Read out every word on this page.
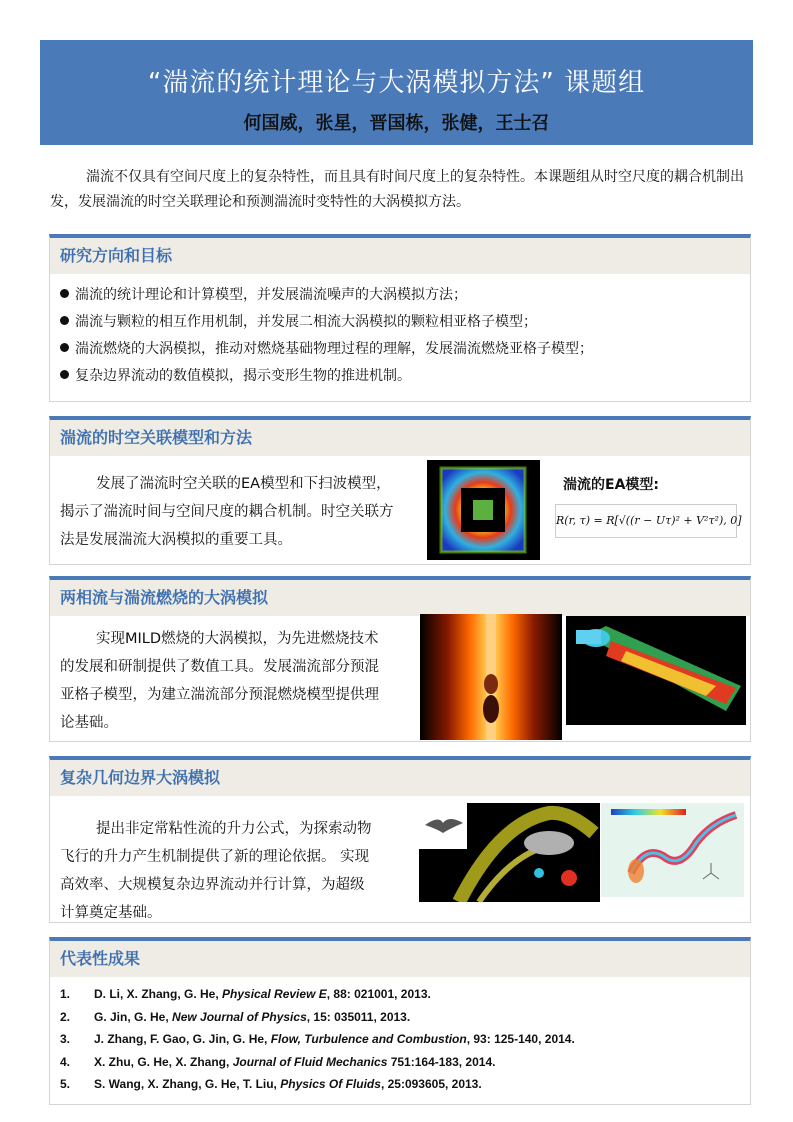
“湍流的统计理论与大涡模拟方法” 课题组
何国威，张星，晋国栋，张健，王士召
湍流不仅具有空间尺度上的复杂特性，而且具有时间尺度上的复杂特性。本课题组从时空尺度的耦合机制出发，发展湍流的时空关联理论和预测湍流时变特性的大涡模拟方法。
研究方向和目标
湍流的统计理论和计算模型，并发展湍流噪声的大涡模拟方法；
湍流与颗粒的相互作用机制，并发展二相流大涡模拟的颗粒相亚格子模型；
湍流燃烧的大涡模拟，推动对燃烧基础物理过程的理解，发展湍流燃烧亚格子模型；
复杂边界流动的数值模拟，揭示变形生物的推进机制。
湍流的时空关联模型和方法
发展了湍流时空关联的EA模型和下扫波模型，揭示了湍流时间与空间尺度的耦合机制。时空关联方法是发展湍流大涡模拟的重要工具。
湍流的EA模型:
R(r, τ) = R[√((r − Uτ)² + V²τ²), 0]
两相流与湍流燃烧的大涡模拟
实现MILD燃烧的大涡模拟，为先进燃烧技术的发展和研制提供了数值工具。发展湍流部分预混亚格子模型，为建立湍流部分预混燃烧模型提供理论基础。
复杂几何边界大涡模拟
提出非定常粘性流的升力公式，为探索动物飞行的升力产生机制提供了新的理论依据。 实现高效率、大规模复杂边界流动并行计算，为超级计算奠定基础。
代表性成果
1. D. Li, X. Zhang, G. He, Physical Review E, 88: 021001, 2013.
2. G. Jin, G. He, New Journal of Physics, 15: 035011, 2013.
3. J. Zhang, F. Gao, G. Jin, G. He, Flow, Turbulence and Combustion, 93: 125-140, 2014.
4. X. Zhu, G. He, X. Zhang, Journal of Fluid Mechanics 751:164-183, 2014.
5. S. Wang, X. Zhang, G. He, T. Liu, Physics Of Fluids, 25:093605, 2013.
